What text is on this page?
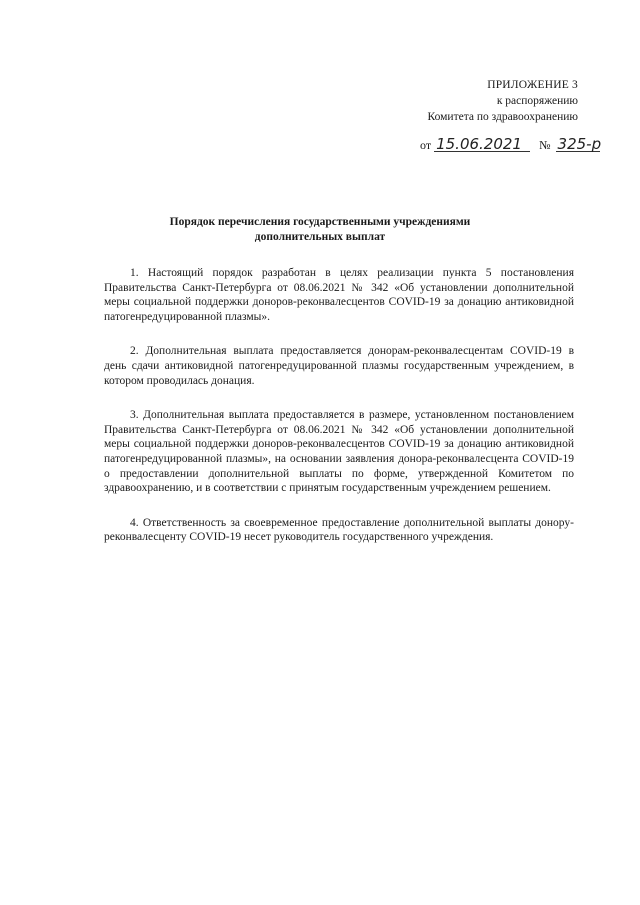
ПРИЛОЖЕНИЕ 3
к распоряжению
Комитета по здравоохранению
от 15.06.2021 № 325-р
Порядок перечисления государственными учреждениями
дополнительных выплат

1. Настоящий порядок разработан в целях реализации пункта 5 постановления Правительства Санкт-Петербурга от 08.06.2021 № 342 «Об установлении дополнительной меры социальной поддержки доноров-реконвалесцентов COVID-19 за донацию антиковидной патогенредуцированной плазмы».

2. Дополнительная выплата предоставляется донорам-реконвалесцентам COVID-19 в день сдачи антиковидной патогенредуцированной плазмы государственным учреждением, в котором проводилась донация.

3. Дополнительная выплата предоставляется в размере, установленном постановлением Правительства Санкт-Петербурга от 08.06.2021 № 342 «Об установлении дополнительной меры социальной поддержки доноров-реконвалесцентов COVID-19 за донацию антиковидной патогенредуцированной плазмы», на основании заявления донора-реконвалесцента COVID-19 о предоставлении дополнительной выплаты по форме, утвержденной Комитетом по здравоохранению, и в соответствии с принятым государственным учреждением решением.

4. Ответственность за своевременное предоставление дополнительной выплаты донору-реконвалесценту COVID-19 несет руководитель государственного учреждения.
